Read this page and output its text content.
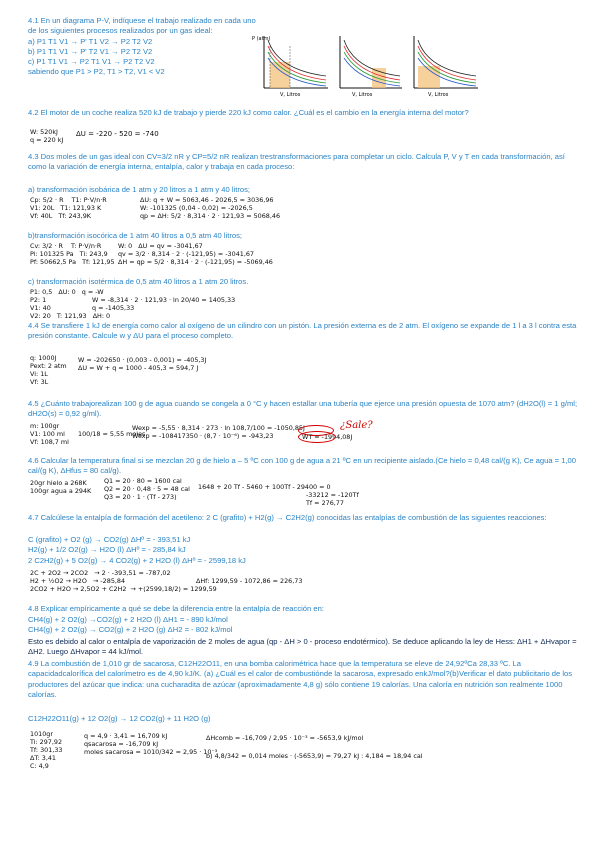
4.1 En un diagrama P-V, indíquese el trabajo realizado en cada uno
de los siguientes procesos realizados por un gas ideal:
a) P1 T1 V1 → P' T1 V2 → P2 T2 V2
b) P1 T1 V1 → P' T2 V1 → P2 T2 V2
c) P1 T1 V1 → P2 T1 V1 → P2 T2 V2
sabiendo que P1 > P2, T1 > T2, V1 < V2
P (atm)
V, Litros	V, Litros	V, Litros
4.2 El motor de un coche realiza 520 kJ de trabajo y pierde 220 kJ como calor. ¿Cuál es el cambio en la energía interna del motor?
W: 520kJ
q = 220 kJ
ΔU = -220 - 520 = -740
4.3 Dos moles de un gas ideal con CV=3/2 nR y CP=5/2 nR realizan trestransformaciones para completar un ciclo. Calcula P, V y T en cada transformación, así como la variación de energía interna, entalpía, calor y trabaja en cada proceso:
a) transformación isobárica de 1 atm y 20 litros a 1 atm y 40 litros;
Cp: 5/2 · R    T1: P·V/n·R
V1: 20L   T1: 121,93 K
Vf: 40L   Tf: 243,9K
ΔU: q + W = 5063,46 - 2026,5 = 3036,96
W: -101325 (0,04 - 0,02) = -2026,5
qp = ΔH: 5/2 · 8,314 · 2 · 121,93 = 5068,46
b)transformación isocórica de 1 atm 40 litros a 0,5 atm 40 litros;
Cv: 3/2 · R    T: P·V/n·R
Pi: 101325 Pa   Ti: 243,9
Pf: 50662,5 Pa   Tf: 121,95
W: 0   ΔU = qv = -3041,67
qv = 3/2 · 8,314 · 2 · (-121,95) = -3041,67
ΔH = qp = 5/2 · 8,314 · 2 · (-121,95) = -5069,46
c) transformación isotérmica de 0,5 atm 40 litros a 1 atm 20 litros.
P1: 0,5   ΔU: 0   q = -W
P2: 1
V1: 40
V2: 20   T: 121,93   ΔH: 0
W = -8,314 · 2 · 121,93 · ln 20/40 = 1405,33
q = -1405,33
4.4 Se transfiere 1 kJ de energía como calor al oxígeno de un cilindro con un pistón. La presión externa es de 2 atm. El oxígeno se expande de 1 l a 3 l contra esta presión constante. Calcule w y ΔU para el proceso completo.
q: 1000J
Pext: 2 atm
Vi: 1L
Vf: 3L
W = -202650 · (0,003 - 0,001) = -405,3J
ΔU = W + q = 1000 - 405,3 = 594,7 J
4.5 ¿Cuánto trabajorealizan 100 g de agua cuando se congela a 0 °C y hacen estallar una tubería que ejerce una presión opuesta de 1070 atm? (dH2O(l) = 1 g/ml; dH2O(s) = 0,92 g/ml).
m: 100gr
V1: 100 ml
Vf: 108,7 ml
100/18 = 5,55 moles
Wexp = -5,55 · 8,314 · 273 · ln 108,7/100 = -1050,85J
Wexp = -108417350 · (8,7 · 10⁻⁶) = -943,23	WT = -1994,08J
¿Sale?
4.6 Calcular la temperatura final si se mezclan 20 g de hielo a – 5 ºC con 100 g de agua a 21 ºC en un recipiente aislado.(Ce hielo = 0,48 cal/(g K), Ce agua = 1,00 cal/(g K), ΔHfus = 80 cal/g).
20gr hielo a 268K
100gr agua a 294K
Q1 = 20 · 80 = 1600 cal
Q2 = 20 · 0,48 · 5 = 48 cal
Q3 = 20 · 1 · (Tf - 273)
1648 + 20 Tf - 5460 + 100Tf - 29400 = 0
-33212 = -120Tf
Tf = 276,77
4.7 Calcúlese la entalpía de formación del acetileno: 2 C (grafito) + H2(g) → C2H2(g) conocidas las entalpías de combustión de las siguientes reacciones:
C (grafito) + O2 (g) → CO2(g) ΔHº = - 393,51 kJ
H2(g) + 1/2 O2(g) → H2O (l) ΔHº = - 285,84 kJ
2 C2H2(g) + 5 O2(g) → 4 CO2(g) + 2 H2O (l) ΔHº = - 2599,18 kJ
2C + 2O2 → 2CO2   → 2 · -393,51 = -787,02
H2 + ½O2 → H2O   → -285,84
2CO2 + H2O → 2,5O2 + C2H2  → +(2599,18/2) = 1299,59
ΔHf: 1299,59 - 1072,86 = 226,73
4.8 Explicar empíricamente a qué se debe la diferencia entre la entalpía de reacción en:
CH4(g) + 2 O2(g) →CO2(g) + 2 H2O (l) ΔH1 = - 890 kJ/mol
CH4(g) + 2 O2(g) → CO2(g) + 2 H2O (g) ΔH2 = - 802 kJ/mol
Esto es debido al calor o entalpía de vaporización de 2 moles de agua (qp - ΔH > 0 - proceso endotérmico). Se deduce aplicando la ley de Hess: ΔH1 + ΔHvapor = ΔH2. Luego ΔHvapor = 44 kJ/mol.
4.9 La combustión de 1,010 gr de sacarosa, C12H22O11, en una bomba calorimétrica hace que la temperatura se eleve de 24,92ºCa 28,33 ºC. La capacidadcalorífica del calorímetro es de 4,90 kJ/K. (a) ¿Cuál es el calor de combustiónde la sacarosa, expresado enkJ/mol?(b)Verificar el dato publicitario de los productores del azúcar que indica: una cucharadita de azúcar (aproximadamente 4,8 g) sólo contiene 19 calorías. Una caloría en nutrición son realmente 1000 calorías.
C12H22O11(g) + 12 O2(g) → 12 CO2(g) + 11 H2O (g)
1010gr
Ti: 297,92
Tf: 301,33
ΔT: 3,41
C: 4,9
q = 4,9 · 3,41 = 16,709 kJ
qsacarosa = -16,709 kJ
moles sacarosa = 1010/342 = 2,95 · 10⁻³
ΔHcomb = -16,709 / 2,95 · 10⁻³ = -5653,9 kJ/mol
b) 4,8/342 = 0,014 moles · (-5653,9) = 79,27 kJ : 4,184 = 18,94 cal
